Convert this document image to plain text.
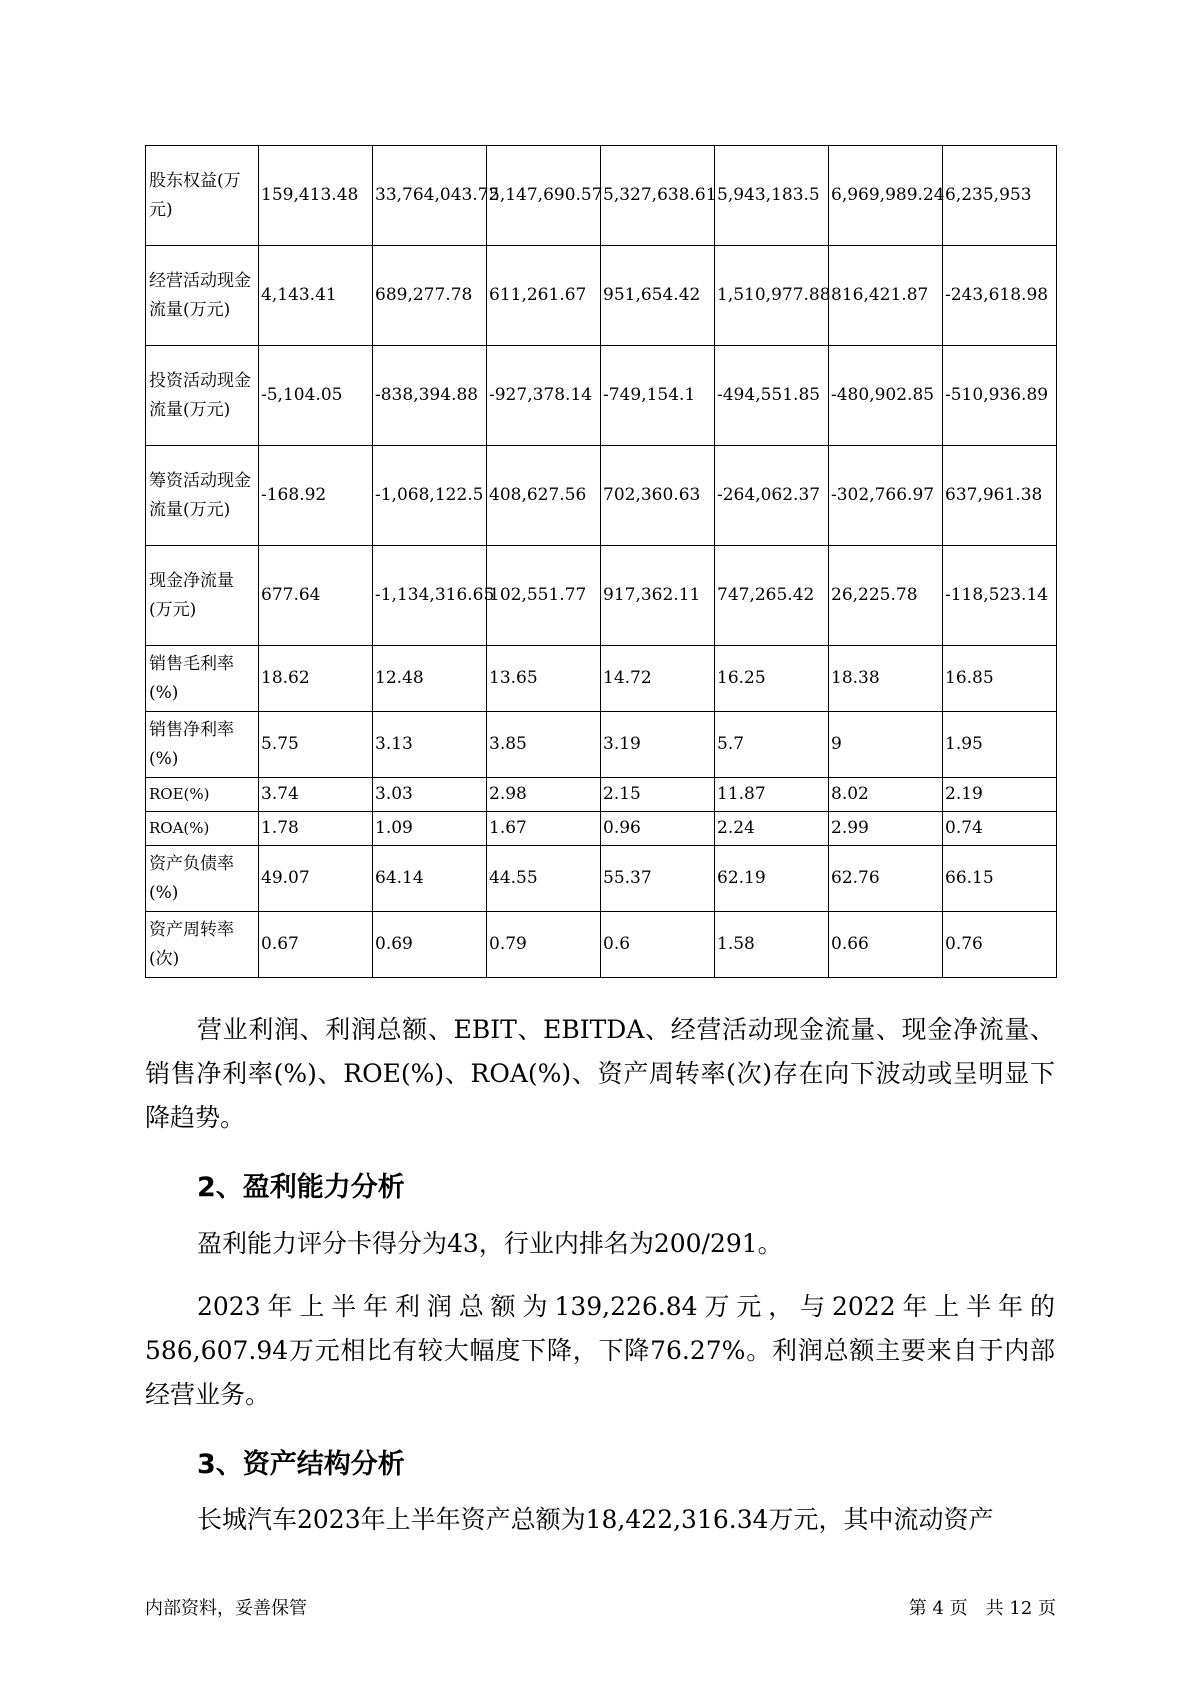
股东权益(万元)	159,413.48	33,764,043.72	5,147,690.57	5,327,638.61	5,943,183.5	6,969,989.24	6,235,953
经营活动现金流量(万元)	4,143.41	689,277.78	611,261.67	951,654.42	1,510,977.88	816,421.87	-243,618.98
投资活动现金流量(万元)	-5,104.05	-838,394.88	-927,378.14	-749,154.1	-494,551.85	-480,902.85	-510,936.89
筹资活动现金流量(万元)	-168.92	-1,068,122.5	408,627.56	702,360.63	-264,062.37	-302,766.97	637,961.38
现金净流量(万元)	677.64	-1,134,316.65	102,551.77	917,362.11	747,265.42	26,225.78	-118,523.14
销售毛利率(%)	18.62	12.48	13.65	14.72	16.25	18.38	16.85
销售净利率(%)	5.75	3.13	3.85	3.19	5.7	9	1.95
ROE(%)	3.74	3.03	2.98	2.15	11.87	8.02	2.19
ROA(%)	1.78	1.09	1.67	0.96	2.24	2.99	0.74
资产负债率(%)	49.07	64.14	44.55	55.37	62.19	62.76	66.15
资产周转率(次)	0.67	0.69	0.79	0.6	1.58	0.66	0.76

营业利润、利润总额、EBIT、EBITDA、经营活动现金流量、现金净流量、销售净利率(%)、ROE(%)、ROA(%)、资产周转率(次)存在向下波动或呈明显下降趋势。

2、盈利能力分析

盈利能力评分卡得分为43，行业内排名为200/291。

2023年上半年利润总额为139,226.84万元，与2022年上半年的586,607.94万元相比有较大幅度下降，下降76.27%。利润总额主要来自于内部经营业务。

3、资产结构分析

长城汽车2023年上半年资产总额为18,422,316.34万元，其中流动资产

内部资料，妥善保管	第 4 页　共 12 页
